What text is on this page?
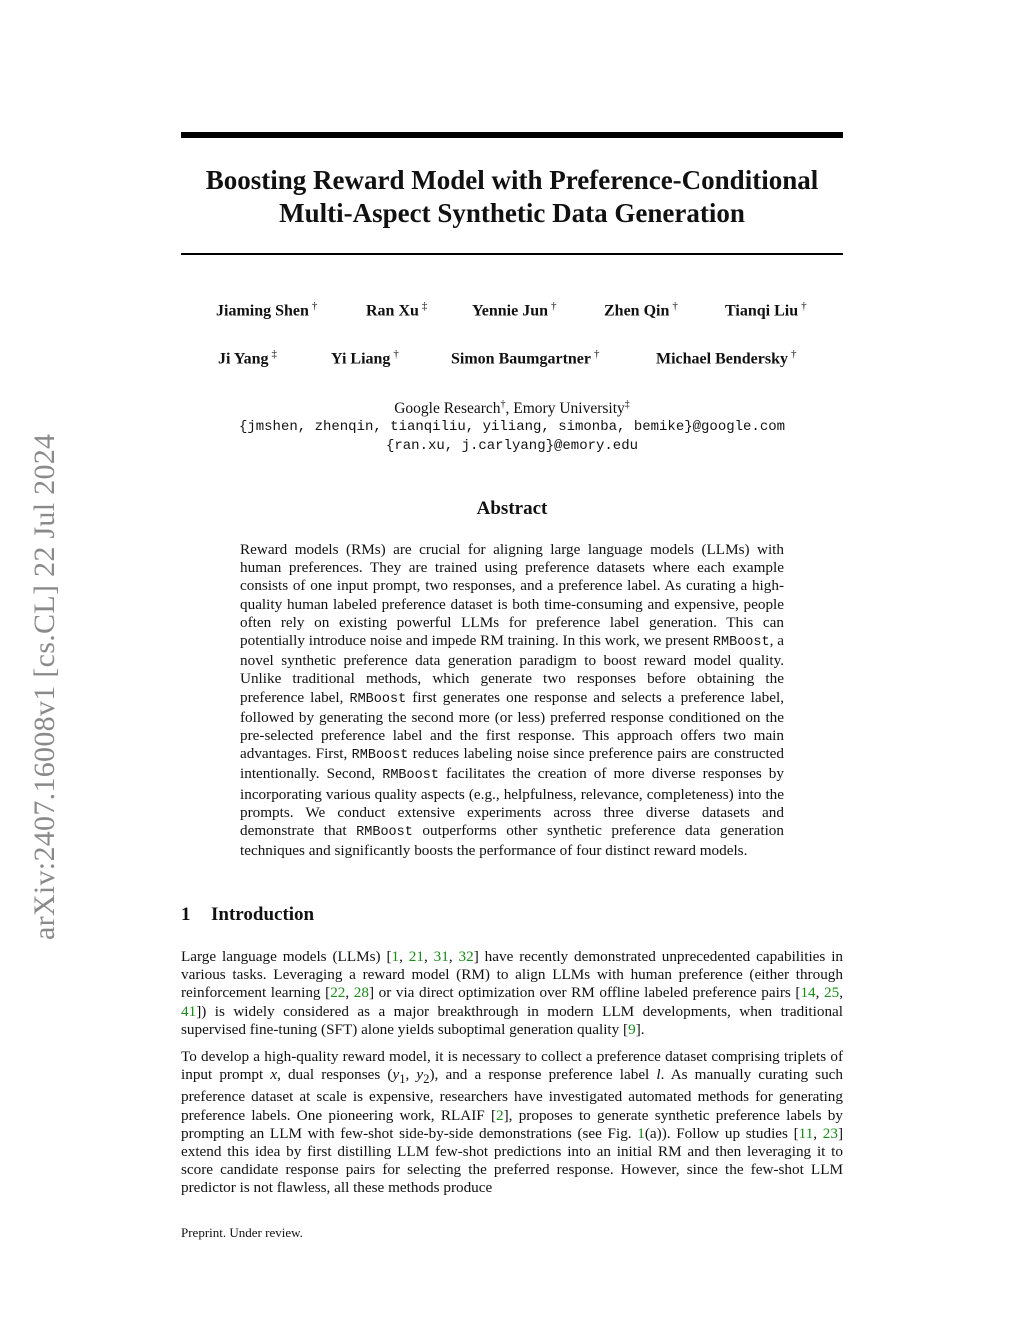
arXiv:2407.16008v1 [cs.CL] 22 Jul 2024
Boosting Reward Model with Preference-Conditional
Multi-Aspect Synthetic Data Generation
Jiaming Shen †	Ran Xu ‡	Yennie Jun †	Zhen Qin †	Tianqi Liu †
Ji Yang ‡	Yi Liang †	Simon Baumgartner †	Michael Bendersky †
Google Research†, Emory University‡
{jmshen, zhenqin, tianqiliu, yiliang, simonba, bemike}@google.com
{ran.xu, j.carlyang}@emory.edu
Abstract

Reward models (RMs) are crucial for aligning large language models (LLMs) with human preferences. They are trained using preference datasets where each example consists of one input prompt, two responses, and a preference label. As curating a high-quality human labeled preference dataset is both time-consuming and expensive, people often rely on existing powerful LLMs for preference label generation. This can potentially introduce noise and impede RM training. In this work, we present RMBoost, a novel synthetic preference data generation paradigm to boost reward model quality. Unlike traditional methods, which generate two responses before obtaining the preference label, RMBoost first generates one response and selects a preference label, followed by generating the second more (or less) preferred response conditioned on the pre-selected preference label and the first response. This approach offers two main advantages. First, RMBoost reduces labeling noise since preference pairs are constructed intentionally. Second, RMBoost facilitates the creation of more diverse responses by incorporating various quality aspects (e.g., helpfulness, relevance, completeness) into the prompts. We conduct extensive experiments across three diverse datasets and demonstrate that RMBoost outperforms other synthetic preference data generation techniques and significantly boosts the performance of four distinct reward models.

1 Introduction

Large language models (LLMs) [1, 21, 31, 32] have recently demonstrated unprecedented capabilities in various tasks. Leveraging a reward model (RM) to align LLMs with human preference (either through reinforcement learning [22, 28] or via direct optimization over RM offline labeled preference pairs [14, 25, 41]) is widely considered as a major breakthrough in modern LLM developments, when traditional supervised fine-tuning (SFT) alone yields suboptimal generation quality [9].

To develop a high-quality reward model, it is necessary to collect a preference dataset comprising triplets of input prompt x, dual responses ($y_1$, $y_2$), and a response preference label l. As manually curating such preference dataset at scale is expensive, researchers have investigated automated methods for generating preference labels. One pioneering work, RLAIF [2], proposes to generate synthetic preference labels by prompting an LLM with few-shot side-by-side demonstrations (see Fig. 1(a)). Follow up studies [11, 23] extend this idea by first distilling LLM few-shot predictions into an initial RM and then leveraging it to score candidate response pairs for selecting the preferred response. However, since the few-shot LLM predictor is not flawless, all these methods produce

Preprint. Under review.
